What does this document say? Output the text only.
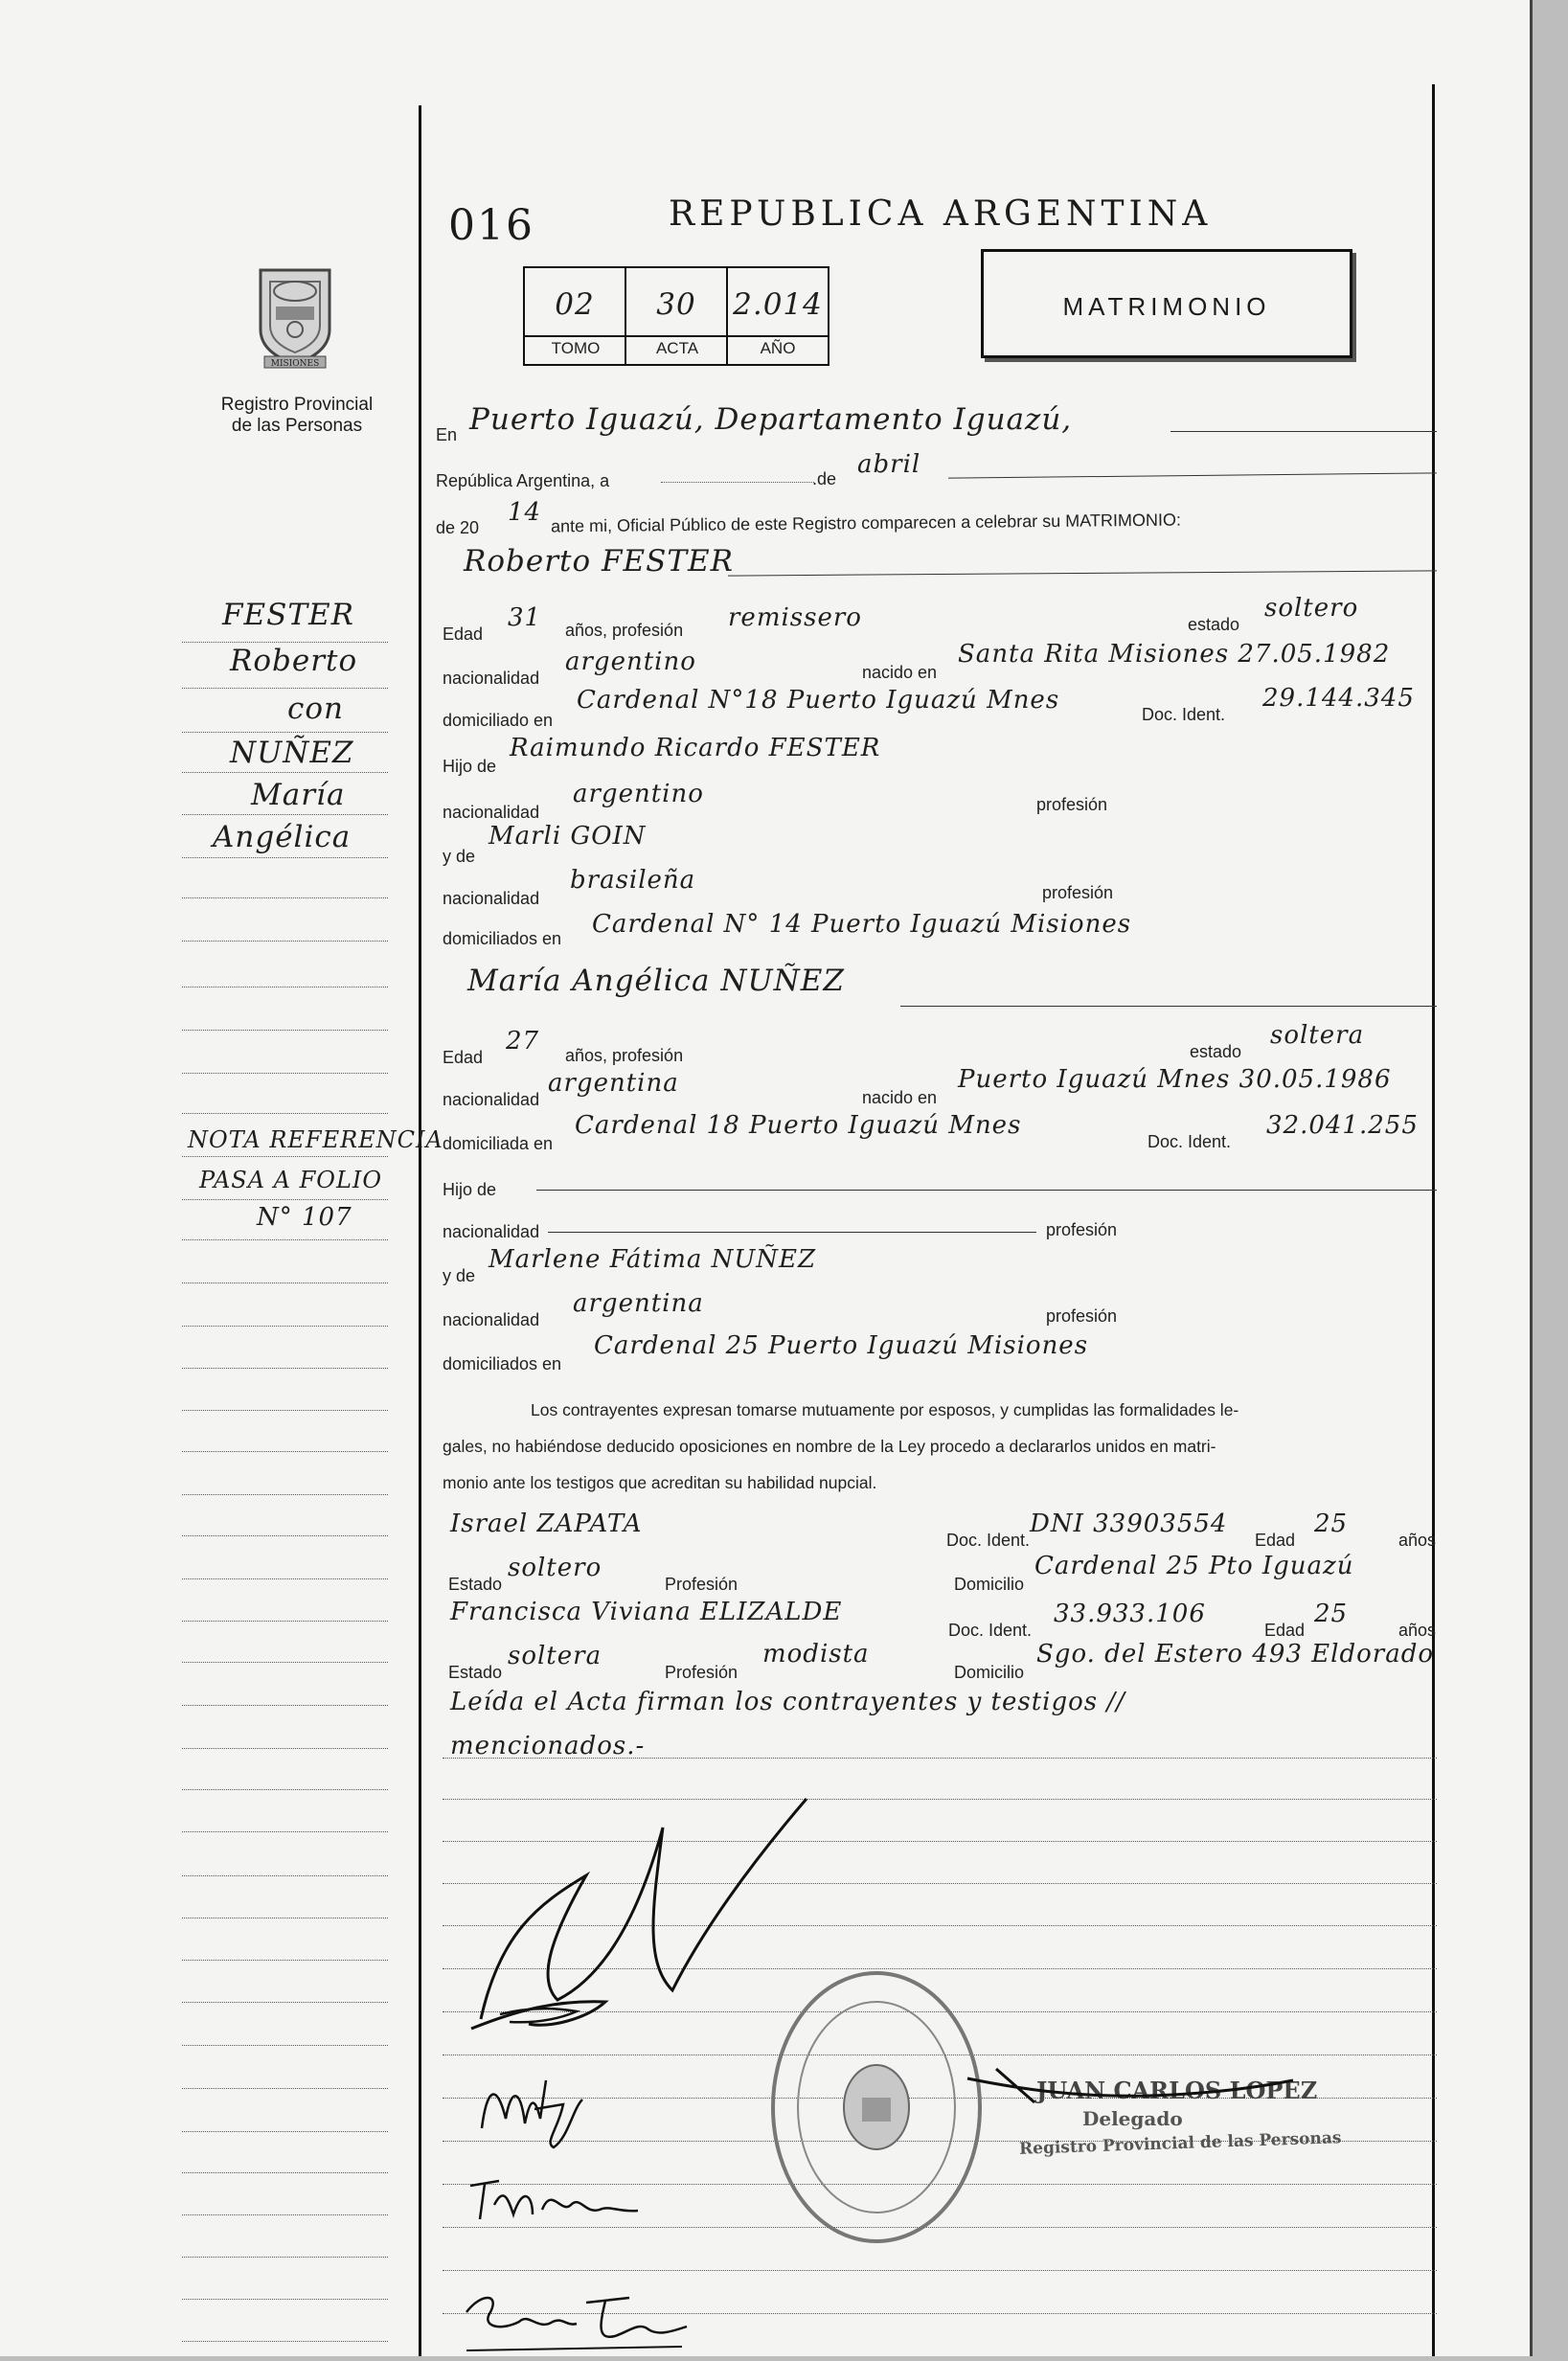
MISIONES
Registro Provincial
de las Personas
016	REPUBLICA ARGENTINA
02	30	2.014
TOMO	ACTA	AÑO
MATRIMONIO
En Puerto Iguazú, Departamento Iguazú,
República Argentina, a	.de abril
de 20
14 ante mi, Oficial Público de este Registro comparecen a celebrar su MATRIMONIO:
Roberto FESTER
Edad
31 años, profesión remissero	estado
soltero
nacionalidad
argentino	nacido en
Santa Rita Misiones 27.05.1982
domiciliado en
Cardenal N°18 Puerto Iguazú Mnes	Doc. Ident.
29.144.345
Hijo de
Raimundo Ricardo FESTER
nacionalidad
argentino	profesión
y de
Marli GOIN
nacionalidad
brasileña	profesión
domiciliados en Cardenal N° 14 Puerto Iguazú Misiones
María Angélica NUÑEZ
Edad
27 años, profesión	estado
soltera
nacionalidad
argentina	nacido en
Puerto Iguazú Mnes 30.05.1986
domiciliada en
Cardenal 18 Puerto Iguazú Mnes
Doc. Ident.
32.041.255
Hijo de
nacionalidad	profesión
y de
Marlene Fátima NUÑEZ
nacionalidad
argentina	profesión
domiciliados en
Cardenal 25 Puerto Iguazú Misiones
Los contrayentes expresan tomarse mutuamente por esposos, y cumplidas las formalidades le-
gales, no habiéndose deducido oposiciones en nombre de la Ley procedo a declararlos unidos en matri-
monio ante los testigos que acreditan su habilidad nupcial.
Israel ZAPATA
Doc. Ident.
DNI 33903554
Edad
25
años
Estado
soltero
Profesión	Domicilio
Cardenal 25 Pto Iguazú
Francisca Viviana ELIZALDE
Doc. Ident.
33.933.106
Edad
25
años
Estado
soltera
Profesión
modista
Domicilio
Sgo. del Estero 493 Eldorado
Leída el Acta firman los contrayentes y testigos //
mencionados.-
FESTER
Roberto
con
NUÑEZ
María
Angélica
NOTA REFERENCIA
PASA A FOLIO
N° 107
JUAN CARLOS LOPEZ
Delegado
Registro Provincial de las Personas
